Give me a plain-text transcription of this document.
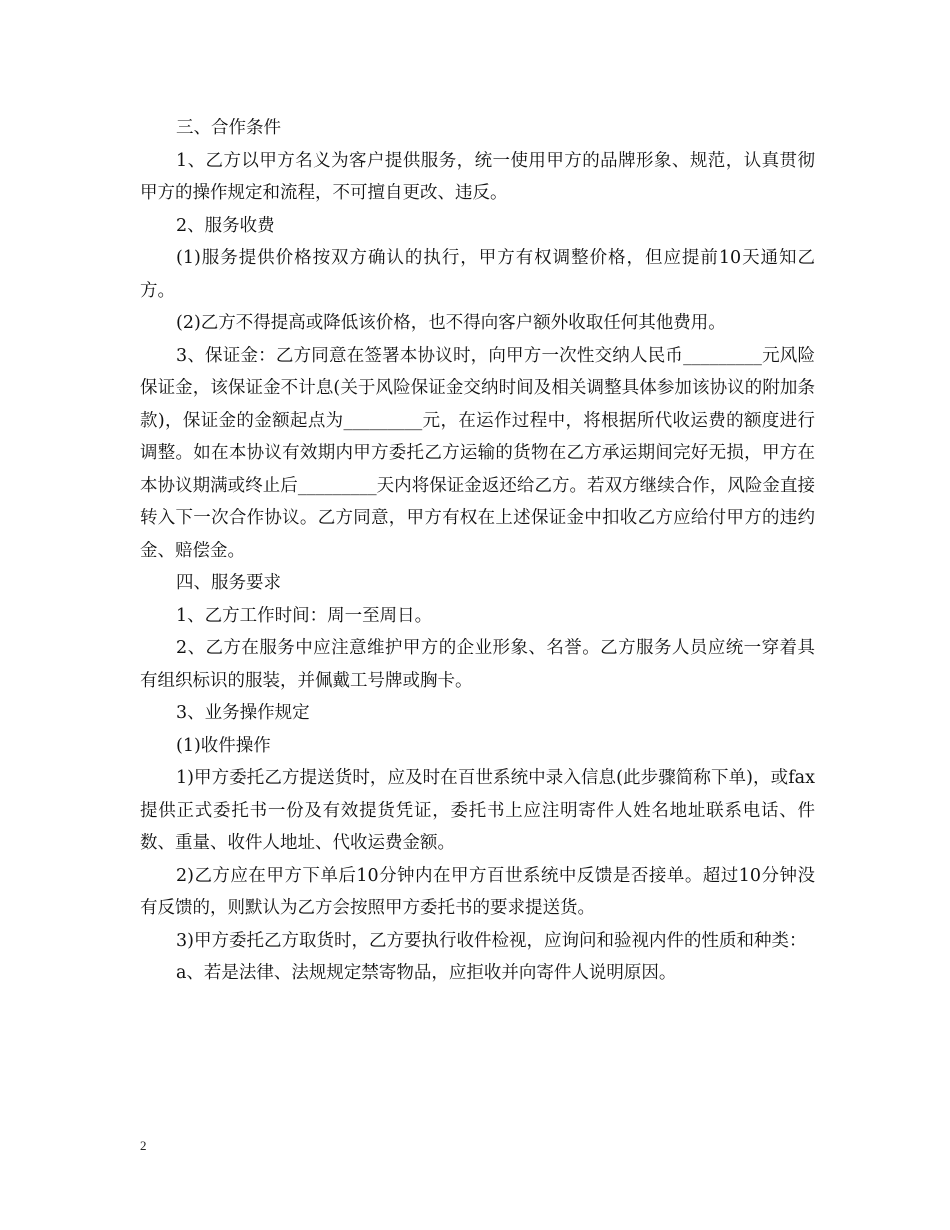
三、合作条件

1、乙方以甲方名义为客户提供服务，统一使用甲方的品牌形象、规范，认真贯彻甲方的操作规定和流程，不可擅自更改、违反。

2、服务收费

(1)服务提供价格按双方确认的执行，甲方有权调整价格，但应提前10天通知乙方。

(2)乙方不得提高或降低该价格，也不得向客户额外收取任何其他费用。

3、保证金：乙方同意在签署本协议时，向甲方一次性交纳人民币_________元风险保证金，该保证金不计息(关于风险保证金交纳时间及相关调整具体参加该协议的附加条款)，保证金的金额起点为_________元，在运作过程中，将根据所代收运费的额度进行调整。如在本协议有效期内甲方委托乙方运输的货物在乙方承运期间完好无损，甲方在本协议期满或终止后_________天内将保证金返还给乙方。若双方继续合作，风险金直接转入下一次合作协议。乙方同意，甲方有权在上述保证金中扣收乙方应给付甲方的违约金、赔偿金。

四、服务要求

1、乙方工作时间：周一至周日。

2、乙方在服务中应注意维护甲方的企业形象、名誉。乙方服务人员应统一穿着具有组织标识的服装，并佩戴工号牌或胸卡。

3、业务操作规定

(1)收件操作

1)甲方委托乙方提送货时，应及时在百世系统中录入信息(此步骤简称下单)，或fax提供正式委托书一份及有效提货凭证，委托书上应注明寄件人姓名地址联系电话、件数、重量、收件人地址、代收运费金额。

2)乙方应在甲方下单后10分钟内在甲方百世系统中反馈是否接单。超过10分钟没有反馈的，则默认为乙方会按照甲方委托书的要求提送货。

3)甲方委托乙方取货时，乙方要执行收件检视，应询问和验视内件的性质和种类：

a、若是法律、法规规定禁寄物品，应拒收并向寄件人说明原因。

2
